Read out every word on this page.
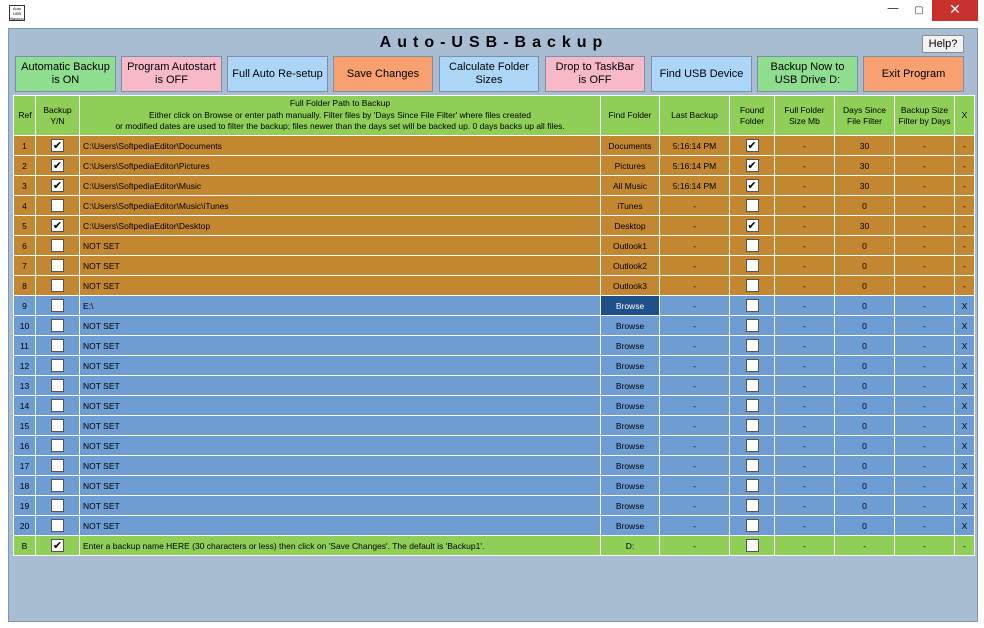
Auto USB Backup
—	▢	✕
Auto-USB-Backup	Help?
Automatic Backup
is ON
Program Autostart
is OFF
Full Auto Re-setup	Save Changes
Calculate Folder
Sizes
Drop to TaskBar
is OFF
Find USB Device
Backup Now to
USB Drive D:
Exit Program
Ref	Backup Y/N	Full Folder Path to Backup
Either click on Browse or enter path manually. Filter files by 'Days Since File Filter' where files created
or modified dates are used to filter the backup; files newer than the days set will be backed up. 0 days backs up all files.	Find Folder	Last Backup	Found Folder	Full Folder Size Mb	Days Since File Filter	Backup Size Filter by Days	X
1	✔	C:\Users\SoftpediaEditor\Documents	Documents	5:16:14 PM	✔	-	30	-	-
2	✔	C:\Users\SoftpediaEditor\Pictures	Pictures	5:16:14 PM	✔	-	30	-	-
3	✔	C:\Users\SoftpediaEditor\Music	All Music	5:16:14 PM	✔	-	30	-	-
4		C:\Users\SoftpediaEditor\Music\iTunes	iTunes	-		-	0	-	-
5	✔	C:\Users\SoftpediaEditor\Desktop	Desktop	-	✔	-	30	-	-
6		NOT SET	Outlook1	-		-	0	-	-
7		NOT SET	Outlook2	-		-	0	-	-
8		NOT SET	Outlook3	-		-	0	-	-
9		E:\	Browse	-		-	0	-	X
10		NOT SET	Browse	-		-	0	-	X
11		NOT SET	Browse	-		-	0	-	X
12		NOT SET	Browse	-		-	0	-	X
13		NOT SET	Browse	-		-	0	-	X
14		NOT SET	Browse	-		-	0	-	X
15		NOT SET	Browse	-		-	0	-	X
16		NOT SET	Browse	-		-	0	-	X
17		NOT SET	Browse	-		-	0	-	X
18		NOT SET	Browse	-		-	0	-	X
19		NOT SET	Browse	-		-	0	-	X
20		NOT SET	Browse	-		-	0	-	X
B	✔	Enter a backup name HERE (30 characters or less) then click on 'Save Changes'. The default is 'Backup1'.	D:	-		-	-	-	-
